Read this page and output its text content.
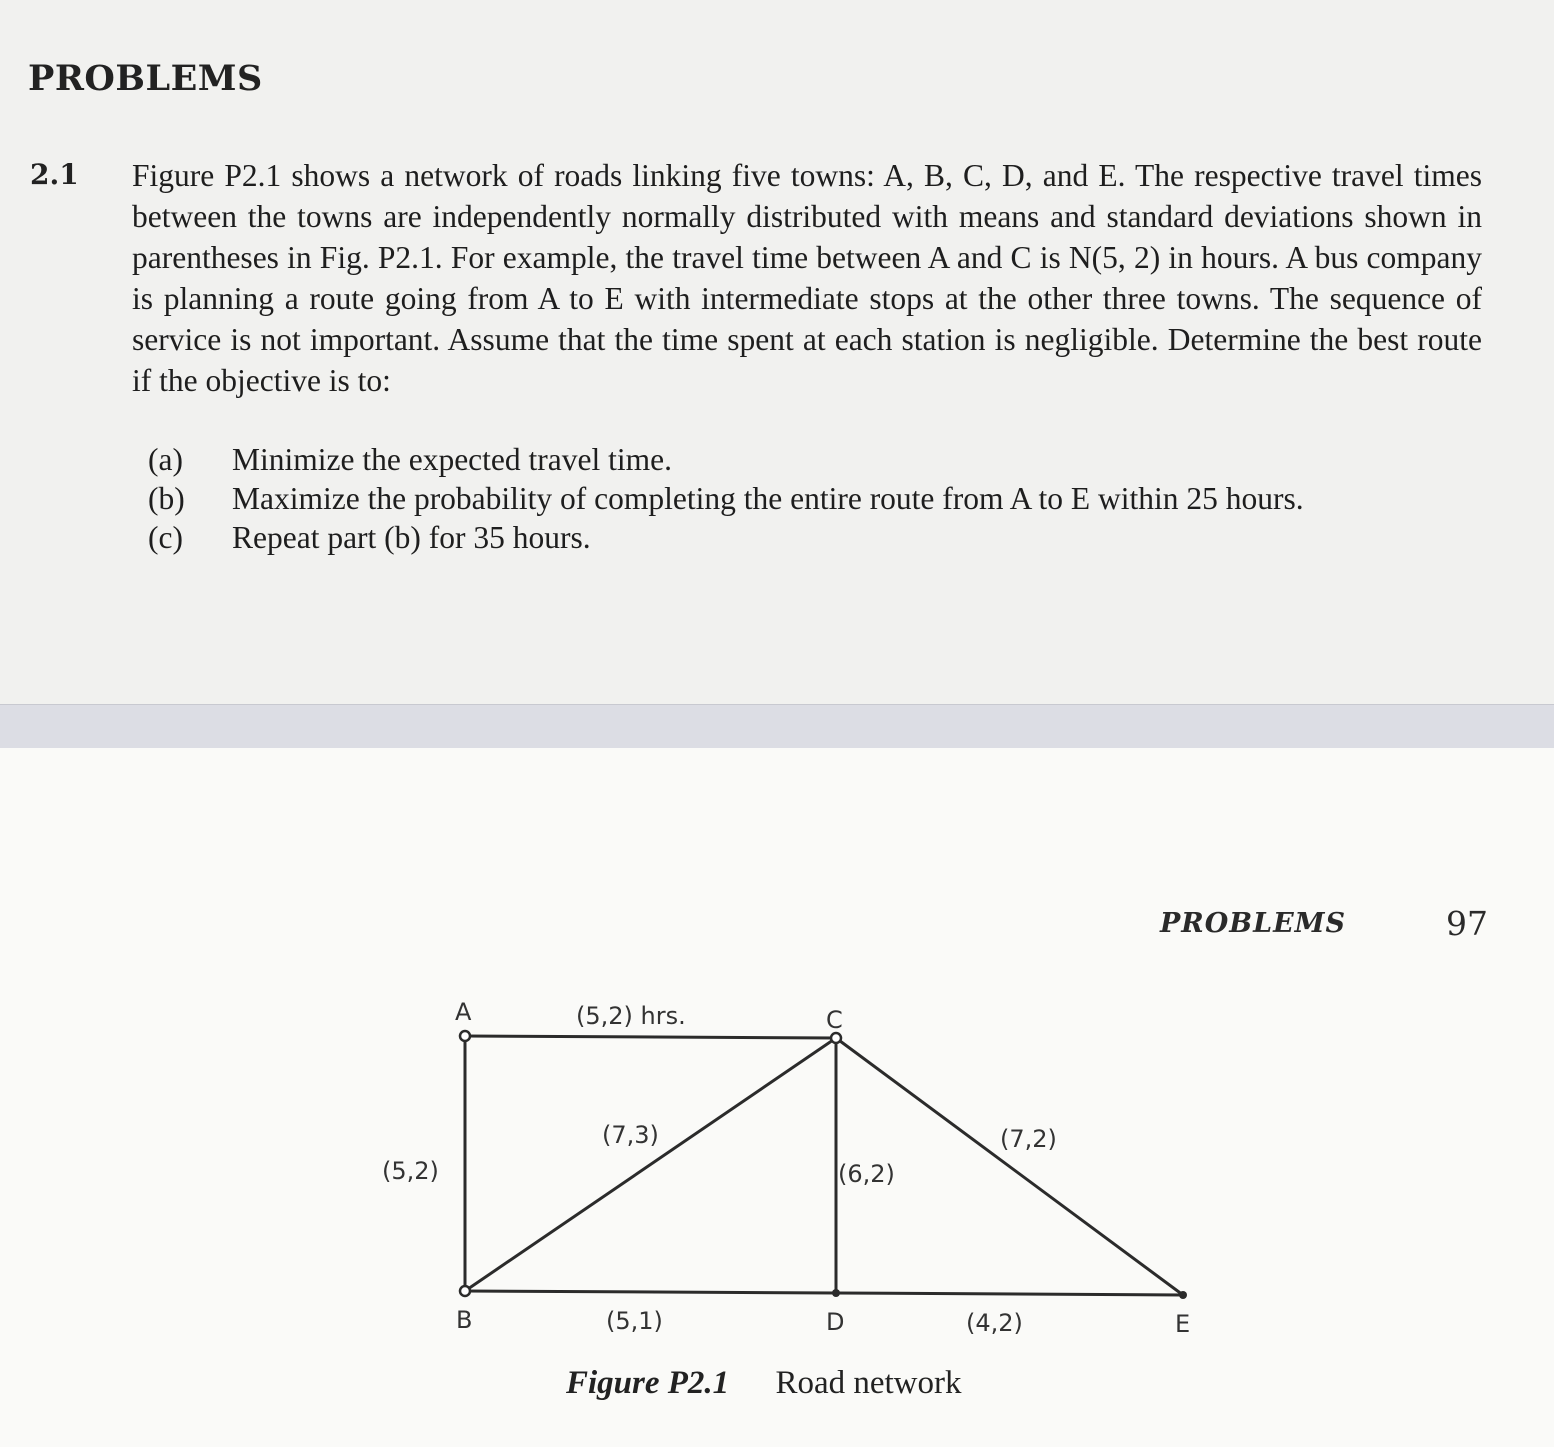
PROBLEMS
2.1 Figure P2.1 shows a network of roads linking five towns: A, B, C, D, and E. The respective travel times between the towns are independently normally distributed with means and standard deviations shown in parentheses in Fig. P2.1. For example, the travel time between A and C is N(5, 2) in hours. A bus company is planning a route going from A to E with intermediate stops at the other three towns. The sequence of service is not important. Assume that the time spent at each station is negligible. Determine the best route if the objective is to:
(a)	Minimize the expected travel time.
(b)	Maximize the probability of completing the entire route from A to E within 25 hours.
(c)	Repeat part (b) for 35 hours.
PROBLEMS	97
A
B
C
D	E
(5,2) hrs.
(5,2)
(7,3)
(6,2)
(7,2)
(5,1)	(4,2)
Figure P2.1 Road network
